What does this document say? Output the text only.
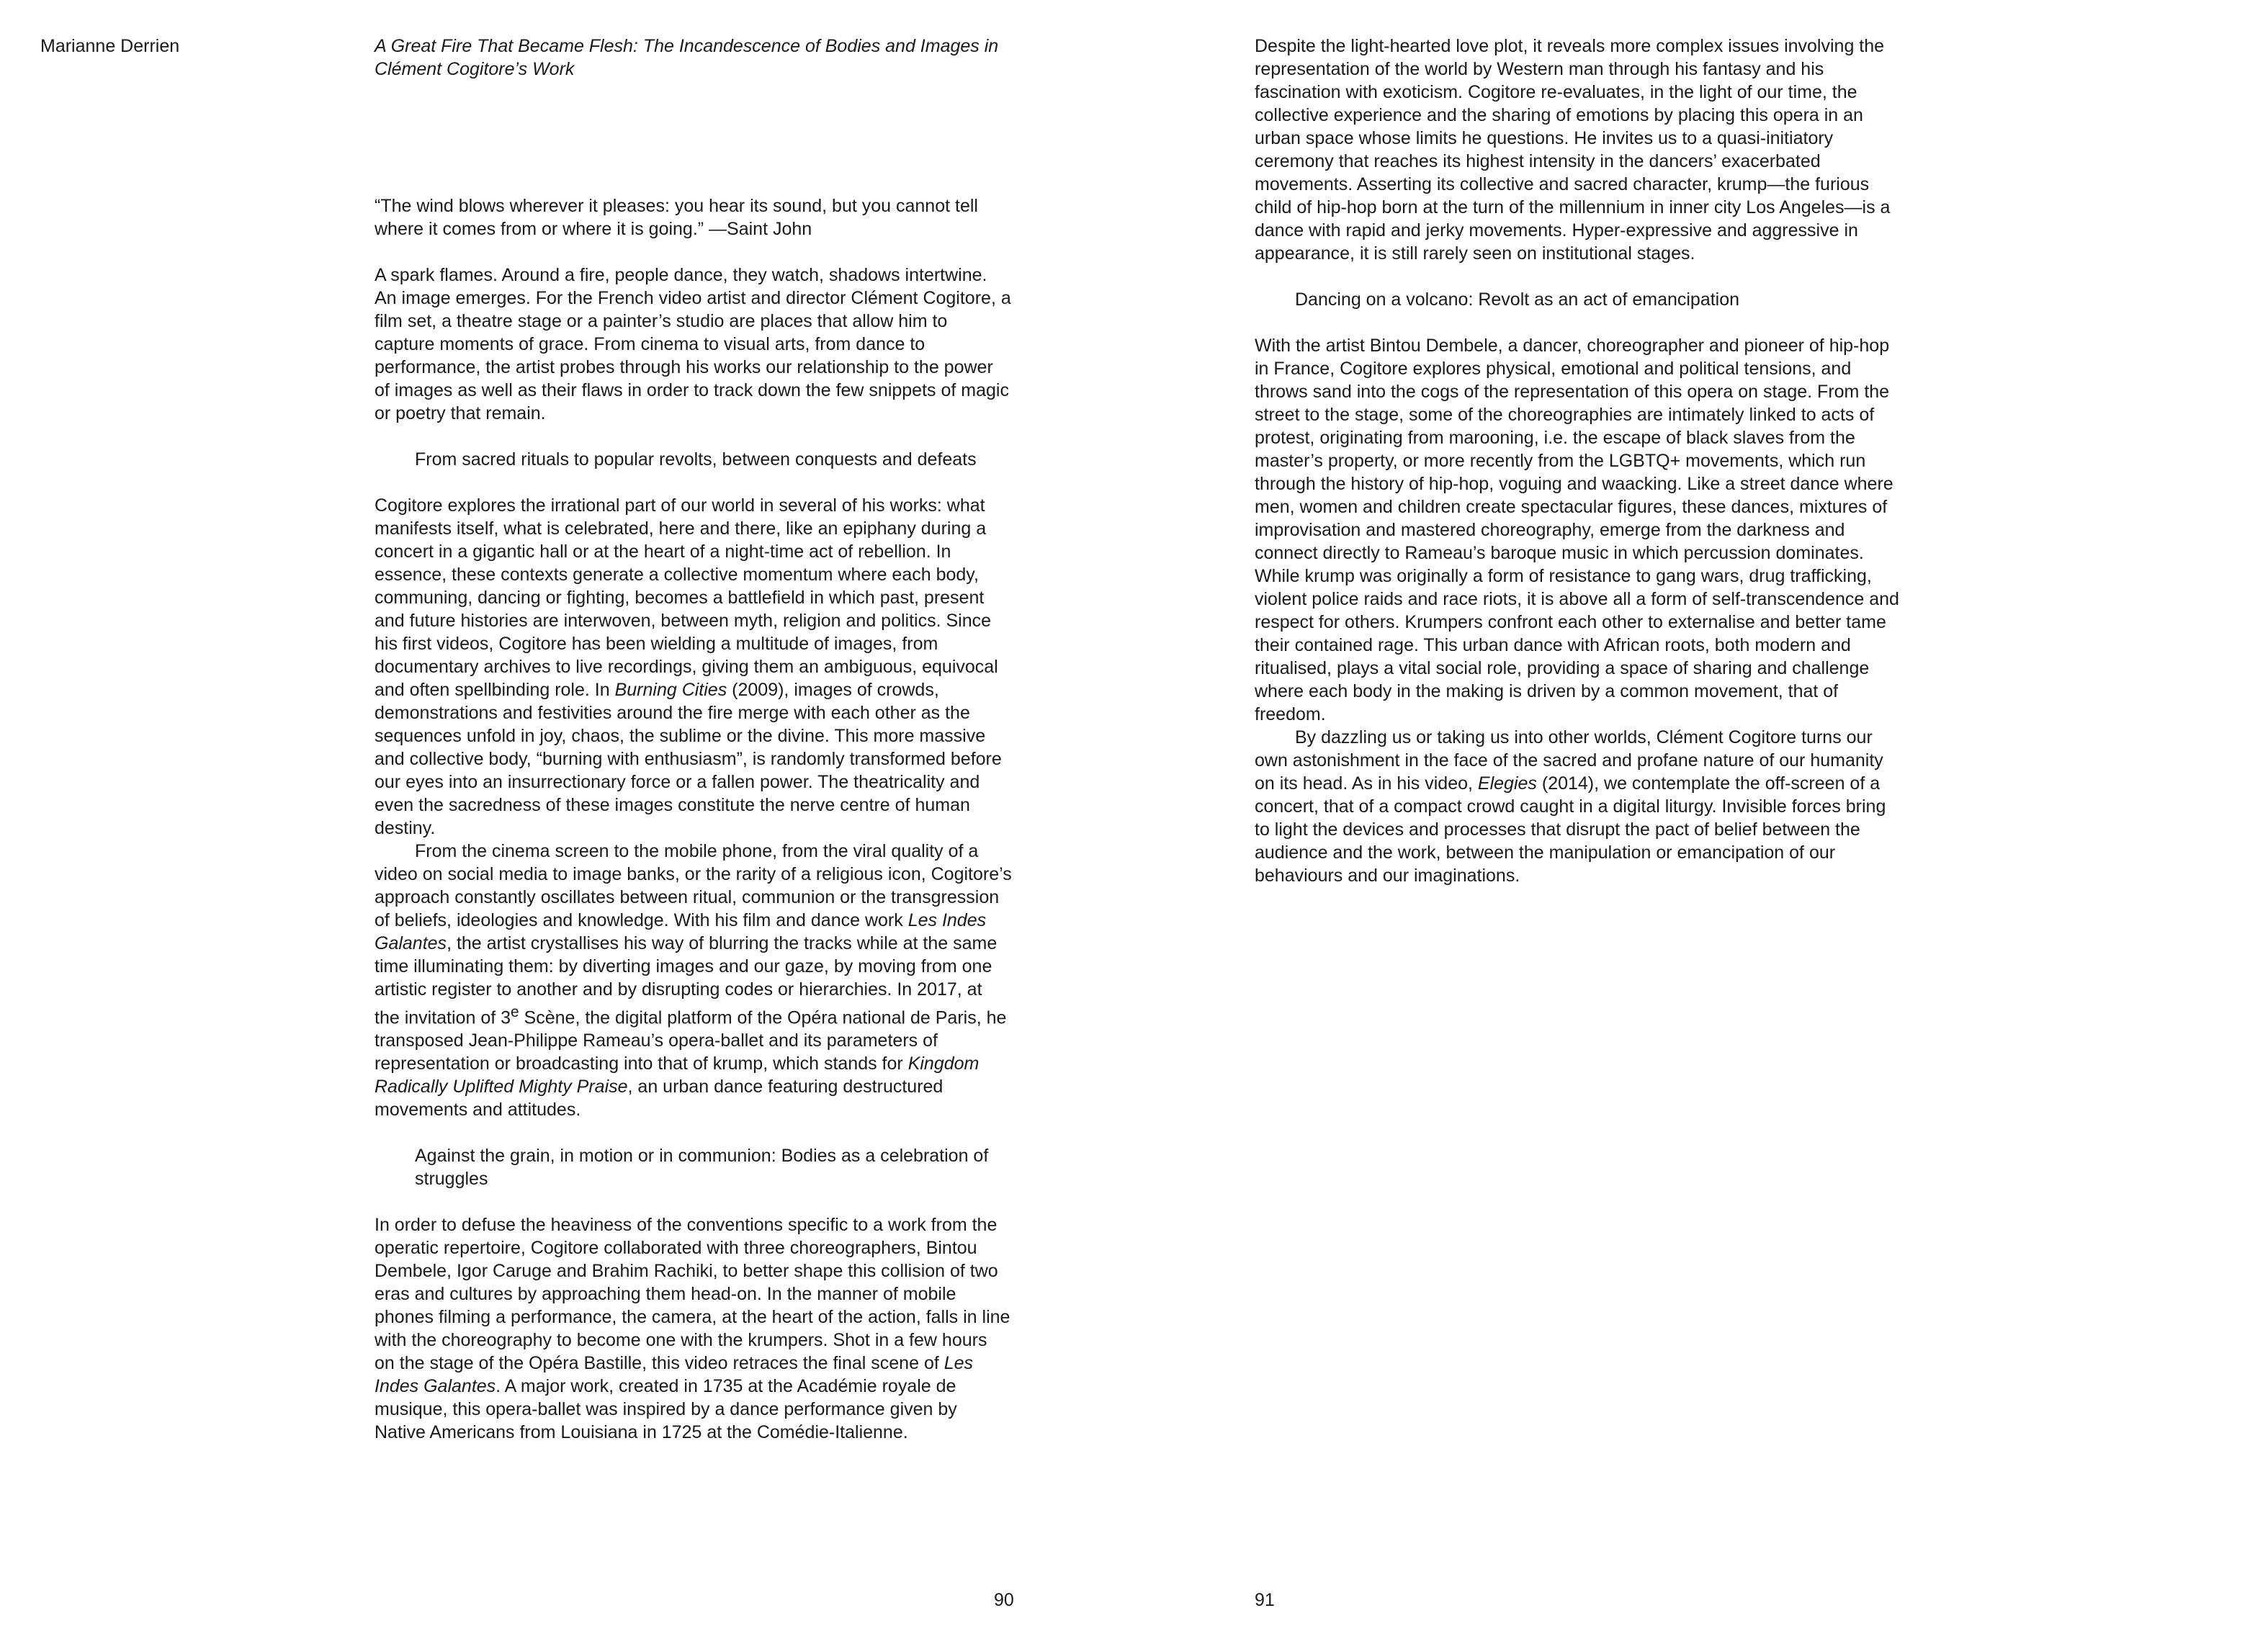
Marianne Derrien	A Great Fire That Became Flesh: The Incandescence of Bodies and Images in Clément Cogitore’s Work

“The wind blows wherever it pleases: you hear its sound, but you cannot tell where it comes from or where it is going.” —Saint John

A spark flames. Around a fire, people dance, they watch, shadows intertwine. An image emerges. For the French video artist and director Clément Cogitore, a film set, a theatre stage or a painter’s studio are places that allow him to capture moments of grace. From cinema to visual arts, from dance to performance, the artist probes through his works our relationship to the power of images as well as their flaws in order to track down the few snippets of magic or poetry that remain.

From sacred rituals to popular revolts, between conquests and defeats

Cogitore explores the irrational part of our world in several of his works: what manifests itself, what is celebrated, here and there, like an epiphany during a concert in a gigantic hall or at the heart of a night-time act of rebellion. In essence, these contexts generate a collective momentum where each body, communing, dancing or fighting, becomes a battlefield in which past, present and future histories are interwoven, between myth, religion and politics. Since his first videos, Cogitore has been wielding a multitude of images, from documentary archives to live recordings, giving them an ambiguous, equivocal and often spellbinding role. In Burning Cities (2009), images of crowds, demonstrations and festivities around the fire merge with each other as the sequences unfold in joy, chaos, the sublime or the divine. This more massive and collective body, “burning with enthusiasm”, is randomly transformed before our eyes into an insurrectionary force or a fallen power. The theatricality and even the sacredness of these images constitute the nerve centre of human destiny.

From the cinema screen to the mobile phone, from the viral quality of a video on social media to image banks, or the rarity of a religious icon, Cogitore’s approach constantly oscillates between ritual, communion or the transgression of beliefs, ideologies and knowledge. With his film and dance work Les Indes Galantes, the artist crystallises his way of blurring the tracks while at the same time illuminating them: by diverting images and our gaze, by moving from one artistic register to another and by disrupting codes or hierarchies. In 2017, at the invitation of 3e Scène, the digital platform of the Opéra national de Paris, he transposed Jean-Philippe Rameau’s opera-ballet and its parameters of representation or broadcasting into that of krump, which stands for Kingdom Radically Uplifted Mighty Praise, an urban dance featuring destructured movements and attitudes.

Against the grain, in motion or in communion: Bodies as a celebration of struggles

In order to defuse the heaviness of the conventions specific to a work from the operatic repertoire, Cogitore collaborated with three choreographers, Bintou Dembele, Igor Caruge and Brahim Rachiki, to better shape this collision of two eras and cultures by approaching them head-on. In the manner of mobile phones filming a performance, the camera, at the heart of the action, falls in line with the choreography to become one with the krumpers. Shot in a few hours on the stage of the Opéra Bastille, this video retraces the final scene of Les Indes Galantes. A major work, created in 1735 at the Académie royale de musique, this opera-ballet was inspired by a dance performance given by Native Americans from Louisiana in 1725 at the Comédie-Italienne.

Despite the light-hearted love plot, it reveals more complex issues involving the representation of the world by Western man through his fantasy and his fascination with exoticism. Cogitore re-evaluates, in the light of our time, the collective experience and the sharing of emotions by placing this opera in an urban space whose limits he questions. He invites us to a quasi-initiatory ceremony that reaches its highest intensity in the dancers’ exacerbated movements. Asserting its collective and sacred character, krump—the furious child of hip-hop born at the turn of the millennium in inner city Los Angeles—is a dance with rapid and jerky movements. Hyper-expressive and aggressive in appearance, it is still rarely seen on institutional stages.

Dancing on a volcano: Revolt as an act of emancipation

With the artist Bintou Dembele, a dancer, choreographer and pioneer of hip-hop in France, Cogitore explores physical, emotional and political tensions, and throws sand into the cogs of the representation of this opera on stage. From the street to the stage, some of the choreographies are intimately linked to acts of protest, originating from marooning, i.e. the escape of black slaves from the master’s property, or more recently from the LGBTQ+ movements, which run through the history of hip-hop, voguing and waacking. Like a street dance where men, women and children create spectacular figures, these dances, mixtures of improvisation and mastered choreography, emerge from the darkness and connect directly to Rameau’s baroque music in which percussion dominates. While krump was originally a form of resistance to gang wars, drug trafficking, violent police raids and race riots, it is above all a form of self-transcendence and respect for others. Krumpers confront each other to externalise and better tame their contained rage. This urban dance with African roots, both modern and ritualised, plays a vital social role, providing a space of sharing and challenge where each body in the making is driven by a common movement, that of freedom.

By dazzling us or taking us into other worlds, Clément Cogitore turns our own astonishment in the face of the sacred and profane nature of our humanity on its head. As in his video, Elegies (2014), we contemplate the off-screen of a concert, that of a compact crowd caught in a digital liturgy. Invisible forces bring to light the devices and processes that disrupt the pact of belief between the audience and the work, between the manipulation or emancipation of our behaviours and our imaginations.

90	91
